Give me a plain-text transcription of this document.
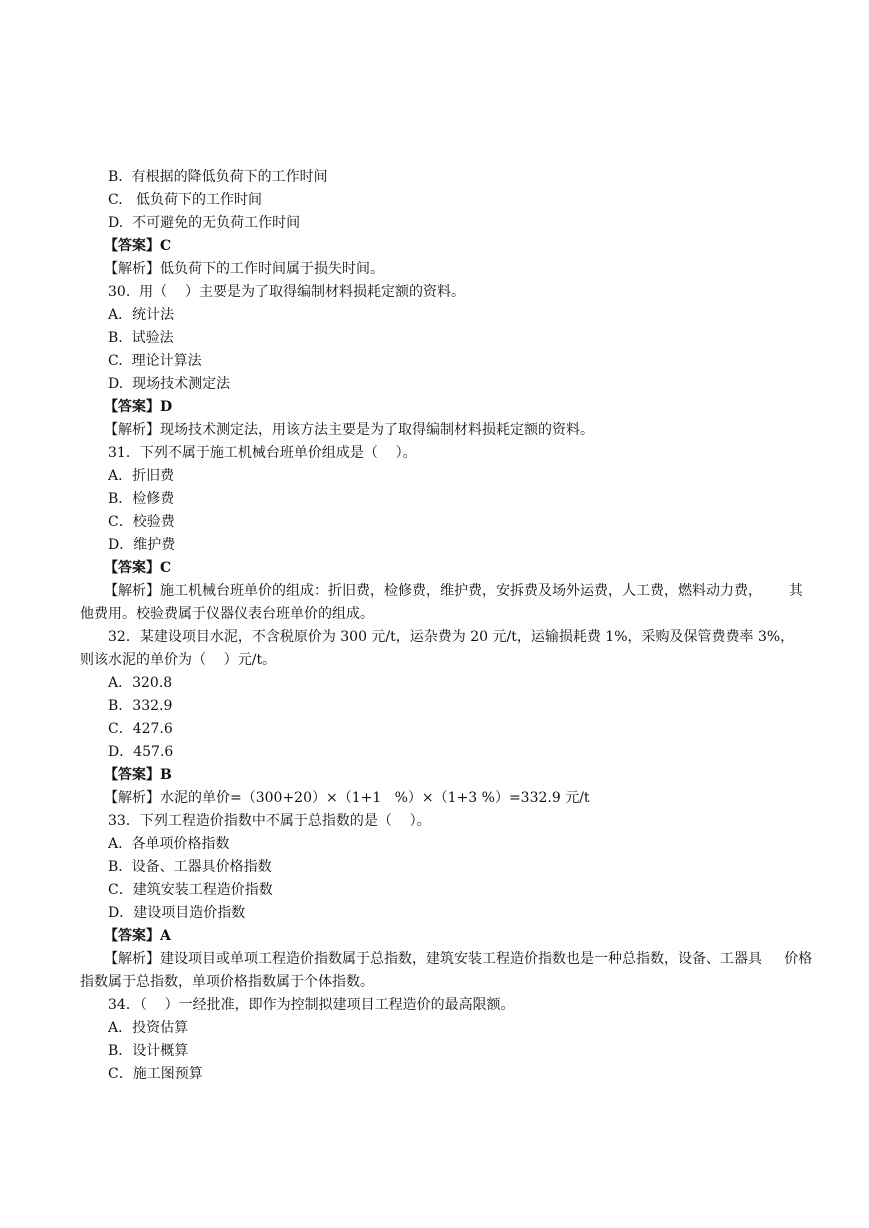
B.  有根据的降低负荷下的工作时间
C.   低负荷下的工作时间
D.  不可避免的无负荷工作时间
【答案】C
【解析】低负荷下的工作时间属于损失时间。
30.  用（    ）主要是为了取得编制材料损耗定额的资料。
A．统计法
B.  试验法
C.  理论计算法
D.  现场技术测定法
【答案】D
【解析】现场技术测定法，用该方法主要是为了取得编制材料损耗定额的资料。
31．下列不属于施工机械台班单价组成是（    ）。
A．折旧费
B．检修费
C．校验费
D．维护费
【答案】C
【解析】施工机械台班单价的组成：折旧费，检修费，维护费，安拆费及场外运费，人工费，燃料动力费，      其
他费用。校验费属于仪器仪表台班单价的组成。
32．某建设项目水泥，不含税原价为 300 元/t，运杂费为 20 元/t，运输损耗费 1%，采购及保管费费率 3%，
则该水泥的单价为（    ）元/t。
A．320.8
B．332.9
C．427.6
D．457.6
【答案】B
【解析】水泥的单价=（300+20）×（1+1   %）×（1+3 %）=332.9 元/t
33．下列工程造价指数中不属于总指数的是（    ）。
A.  各单项价格指数
B.  设备、工器具价格指数
C．建筑安装工程造价指数
D．建设项目造价指数
【答案】A
【解析】建设项目或单项工程造价指数属于总指数，建筑安装工程造价指数也是一种总指数，设备、工器具     价格
指数属于总指数，单项价格指数属于个体指数。
34．（    ）一经批准，即作为控制拟建项目工程造价的最高限额。
A．投资估算
B．设计概算
C．施工图预算
